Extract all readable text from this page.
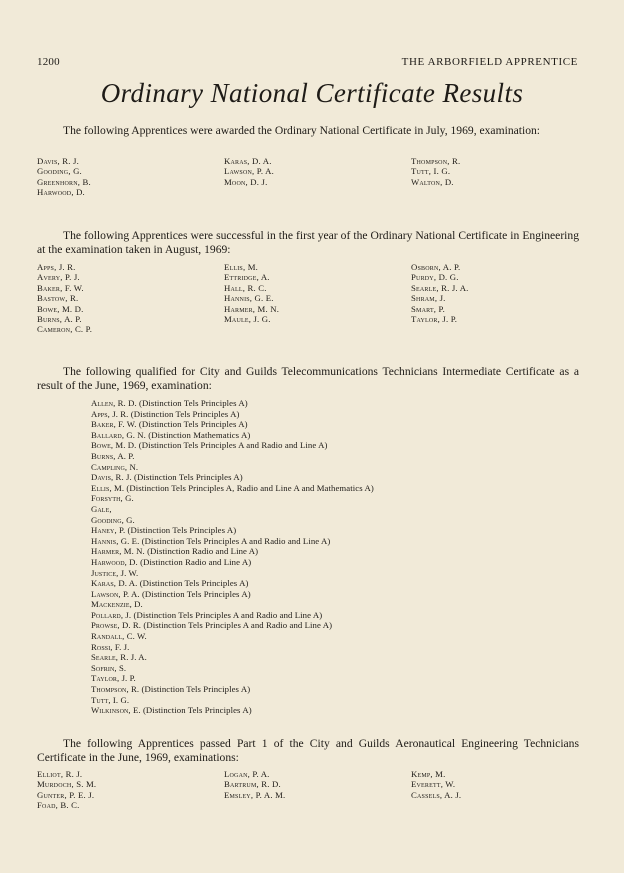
1200	THE ARBORFIELD APPRENTICE
Ordinary National Certificate Results
The following Apprentices were awarded the Ordinary National Certificate in July, 1969, examination:
Davis, R. J.	Karas, D. A.	Thompson, R.
Gooding, G.	Lawson, P. A.	Tutt, I. G.
Greenhorn, B.	Moon, D. J.	Walton, D.
Harwood, D.
The following Apprentices were successful in the first year of the Ordinary National Certificate in Engineering at the examination taken in August, 1969:
Apps, J. R.	Ellis, M.	Osborn, A. P.
Avery, P. J.	Ettridge, A.	Purdy, D. G.
Baker, F. W.	Hall, R. C.	Searle, R. J. A.
Bastow, R.	Hannis, G. E.	Shram, J.
Bowe, M. D.	Harmer, M. N.	Smart, P.
Burns, A. P.	Maule, J. G.	Taylor, J. P.
Cameron, C. P.
The following qualified for City and Guilds Telecommunications Technicians Intermediate Certificate as a result of the June, 1969, examination:
Allen, R. D. (Distinction Tels Principles A)
Apps, J. R. (Distinction Tels Principles A)
Baker, F. W. (Distinction Tels Principles A)
Ballard, G. N. (Distinction Mathematics A)
Bowe, M. D. (Distinction Tels Principles A and Radio and Line A)
Burns, A. P.
Campling, N.
Davis, R. J. (Distinction Tels Principles A)
Ellis, M. (Distinction Tels Principles A, Radio and Line A and Mathematics A)
Forsyth, G.
Gale,
Gooding, G.
Haney, P. (Distinction Tels Principles A)
Hannis, G. E. (Distinction Tels Principles A and Radio and Line A)
Harmer, M. N. (Distinction Radio and Line A)
Harwood, D. (Distinction Radio and Line A)
Justice, J. W.
Karas, D. A. (Distinction Tels Principles A)
Lawson, P. A. (Distinction Tels Principles A)
Mackenzie, D.
Pollard, J. (Distinction Tels Principles A and Radio and Line A)
Prowse, D. R. (Distinction Tels Principles A and Radio and Line A)
Randall, C. W.
Rossi, F. J.
Searle, R. J. A.
Sofrin, S.
Taylor, J. P.
Thompson, R. (Distinction Tels Principles A)
Tutt, I. G.
Wilkinson, E. (Distinction Tels Principles A)
The following Apprentices passed Part 1 of the City and Guilds Aeronautical Engineering Technicians Certificate in the June, 1969, examinations:
Elliot, R. J.	Logan, P. A.	Kemp, M.
Murdoch, S. M.	Bartrum, R. D.	Everett, W.
Gunter, P. E. J.	Emsley, P. A. M.	Cassels, A. J.
Foad, B. C.
